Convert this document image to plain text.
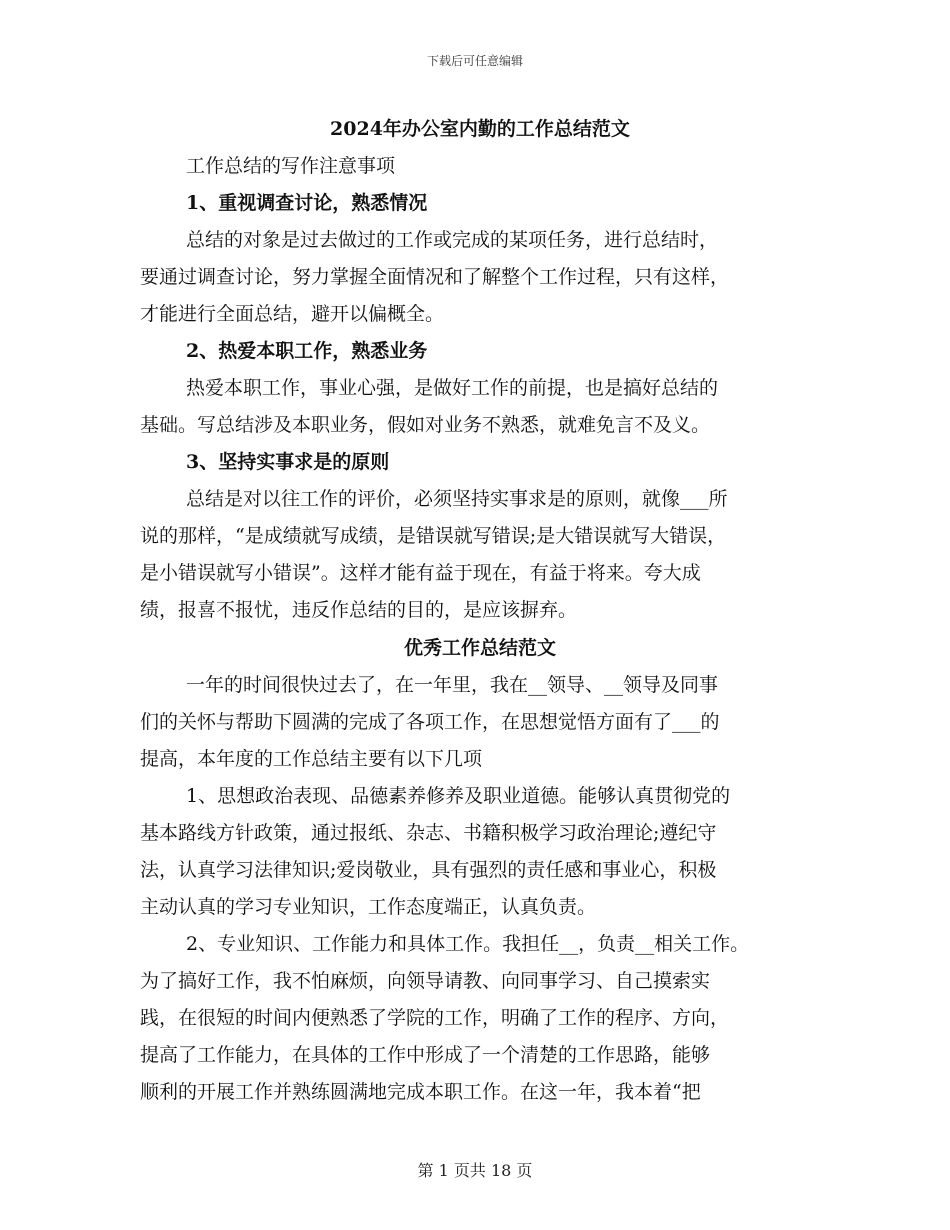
下载后可任意编辑
2024年办公室内勤的工作总结范文

工作总结的写作注意事项

1、重视调查讨论，熟悉情况

总结的对象是过去做过的工作或完成的某项任务，进行总结时，

要通过调查讨论，努力掌握全面情况和了解整个工作过程，只有这样，

才能进行全面总结，避开以偏概全。

2、热爱本职工作，熟悉业务

热爱本职工作，事业心强，是做好工作的前提，也是搞好总结的

基础。写总结涉及本职业务，假如对业务不熟悉，就难免言不及义。

3、坚持实事求是的原则

总结是对以往工作的评价，必须坚持实事求是的原则，就像___所

说的那样，“是成绩就写成绩，是错误就写错误;是大错误就写大错误，

是小错误就写小错误”。这样才能有益于现在，有益于将来。夸大成

绩，报喜不报忧，违反作总结的目的，是应该摒弃。

优秀工作总结范文

一年的时间很快过去了，在一年里，我在__领导、__领导及同事

们的关怀与帮助下圆满的完成了各项工作，在思想觉悟方面有了___的

提高，本年度的工作总结主要有以下几项

1、思想政治表现、品德素养修养及职业道德。能够认真贯彻党的

基本路线方针政策，通过报纸、杂志、书籍积极学习政治理论;遵纪守

法，认真学习法律知识;爱岗敬业，具有强烈的责任感和事业心，积极

主动认真的学习专业知识，工作态度端正，认真负责。

2、专业知识、工作能力和具体工作。我担任__，负责__相关工作。

为了搞好工作，我不怕麻烦，向领导请教、向同事学习、自己摸索实

践，在很短的时间内便熟悉了学院的工作，明确了工作的程序、方向，

提高了工作能力，在具体的工作中形成了一个清楚的工作思路，能够

顺利的开展工作并熟练圆满地完成本职工作。在这一年，我本着“把

第 1 页共 18 页
